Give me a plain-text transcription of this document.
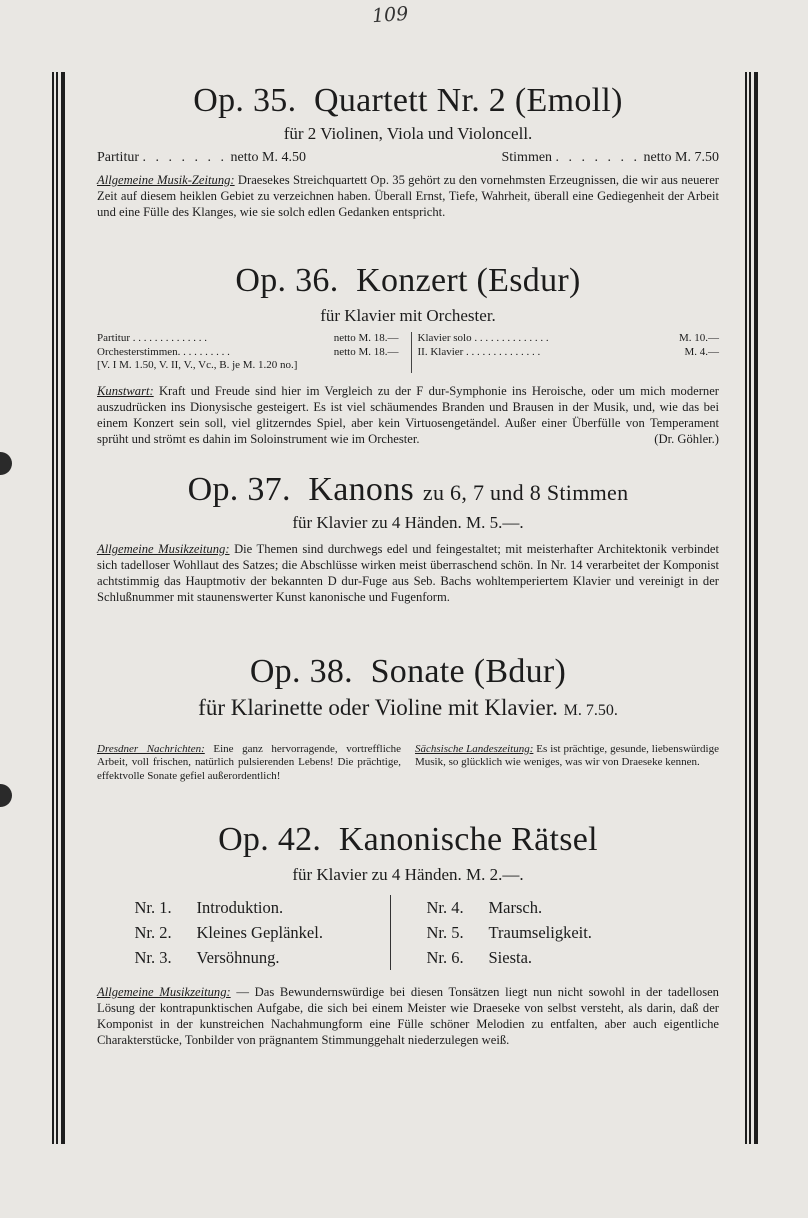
109
Op. 35. Quartett Nr. 2 (Emoll)
für 2 Violinen, Viola und Violoncell.
Partitur . . . . . . . netto M. 4.50	Stimmen . . . . . . . netto M. 7.50
Allgemeine Musik-Zeitung: Draesekes Streichquartett Op. 35 gehört zu den vornehmsten Erzeugnissen, die wir aus neuerer Zeit auf diesem heiklen Gebiet zu verzeichnen haben. Überall Ernst, Tiefe, Wahrheit, überall eine Gediegenheit der Arbeit und eine Fülle des Klanges, wie sie solch edlen Gedanken entspricht.
Op. 36. Konzert (Esdur)
für Klavier mit Orchester.
Partitur . . . . . . . . . . . . . .	netto M. 18.—
Orchesterstimmen. . . . . . . . . .	netto M. 18.—
[V. I M. 1.50, V. II, V., Vc., B. je M. 1.20 no.]
Klavier solo . . . . . . . . . . . . . .	M. 10.—
II. Klavier . . . . . . . . . . . . . .	M. 4.—
Kunstwart: Kraft und Freude sind hier im Vergleich zu der F dur-Symphonie ins Heroische, oder um mich moderner auszudrücken ins Dionysische gesteigert. Es ist viel schäumendes Branden und Brausen in der Musik, und, wie das bei einem Konzert sein soll, viel glitzerndes Spiel, aber kein Virtuosengetändel. Außer einer Überfülle von Temperament sprüht und strömt es dahin im Soloinstrument wie im Orchester.	(Dr. Göhler.)
Op. 37. Kanons zu 6, 7 und 8 Stimmen
für Klavier zu 4 Händen. M. 5.—.
Allgemeine Musikzeitung: Die Themen sind durchwegs edel und feingestaltet; mit meisterhafter Architektonik verbindet sich tadelloser Wohllaut des Satzes; die Abschlüsse wirken meist überraschend schön. In Nr. 14 verarbeitet der Komponist achtstimmig das Hauptmotiv der bekannten D dur-Fuge aus Seb. Bachs wohltemperiertem Klavier und vereinigt in der Schlußnummer mit staunenswerter Kunst kanonische und Fugenform.
Op. 38. Sonate (Bdur)
für Klarinette oder Violine mit Klavier. M. 7.50.
Dresdner Nachrichten: Eine ganz hervorragende, vortreffliche Arbeit, voll frischen, natürlich pulsierenden Lebens! Die prächtige, effektvolle Sonate gefiel außerordentlich!
Sächsische Landeszeitung: Es ist prächtige, gesunde, liebenswürdige Musik, so glücklich wie weniges, was wir von Draeseke kennen.
Op. 42. Kanonische Rätsel
für Klavier zu 4 Händen. M. 2.—.
Nr. 1. Introduktion.
Nr. 2. Kleines Geplänkel.
Nr. 3. Versöhnung.
Nr. 4. Marsch.
Nr. 5. Traumseligkeit.
Nr. 6. Siesta.
Allgemeine Musikzeitung: — Das Bewundernswürdige bei diesen Tonsätzen liegt nun nicht sowohl in der tadellosen Lösung der kontrapunktischen Aufgabe, die sich bei einem Meister wie Draeseke von selbst versteht, als darin, daß der Komponist in der kunstreichen Nachahmungform eine Fülle schöner Melodien zu entfalten, aber auch eigentliche Charakterstücke, Tonbilder von prägnantem Stimmunggehalt niederzulegen weiß.
